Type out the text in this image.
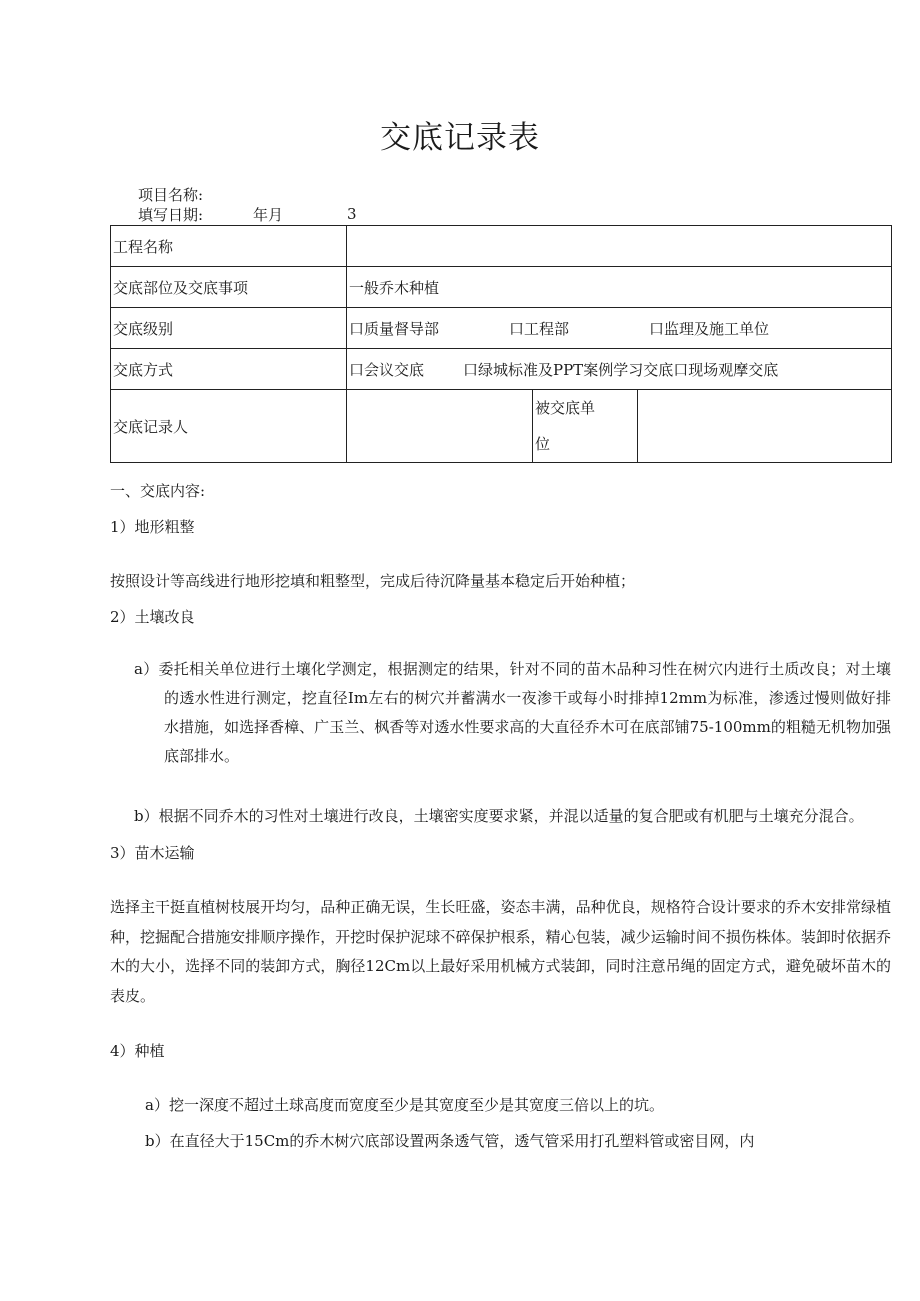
交底记录表
项目名称:
填写日期:	年月	3
工程名称			
交底部位及交底事项	一般乔木种植		
交底级别	口质量督导部 口工程部 口监理及施工单位		
交底方式	口会议交底 口绿城标准及PPT案例学习交底口现场观摩交底		
交底记录人		被交底单
位	

一、交底内容:
1）地形粗整
按照设计等高线进行地形挖填和粗整型，完成后待沉降量基本稳定后开始种植；
2）土壤改良
a）委托相关单位进行土壤化学测定，根据测定的结果，针对不同的苗木品种习性在树穴内进行土质改良；对土壤的透水性进行测定，挖直径Im左右的树穴并蓄满水一夜渗干或每小时排掉12mm为标准，渗透过慢则做好排水措施，如选择香樟、广玉兰、枫香等对透水性要求高的大直径乔木可在底部铺75-100mm的粗糙无机物加强底部排水。
b）根据不同乔木的习性对土壤进行改良，土壤密实度要求紧，并混以适量的复合肥或有机肥与土壤充分混合。
3）苗木运输
选择主干挺直植树枝展开均匀，品种正确无误，生长旺盛，姿态丰满，品种优良，规格符合设计要求的乔木安排常绿植种，挖掘配合措施安排顺序操作，开挖时保护泥球不碎保护根系，精心包装，减少运输时间不损伤株体。装卸时依据乔木的大小，选择不同的装卸方式，胸径12Cm以上最好采用机械方式装卸，同时注意吊绳的固定方式，避免破坏苗木的表皮。
4）种植
a）挖一深度不超过土球高度而宽度至少是其宽度至少是其宽度三倍以上的坑。
b）在直径大于15Cm的乔木树穴底部设置两条透气管，透气管采用打孔塑料管或密目网，内
